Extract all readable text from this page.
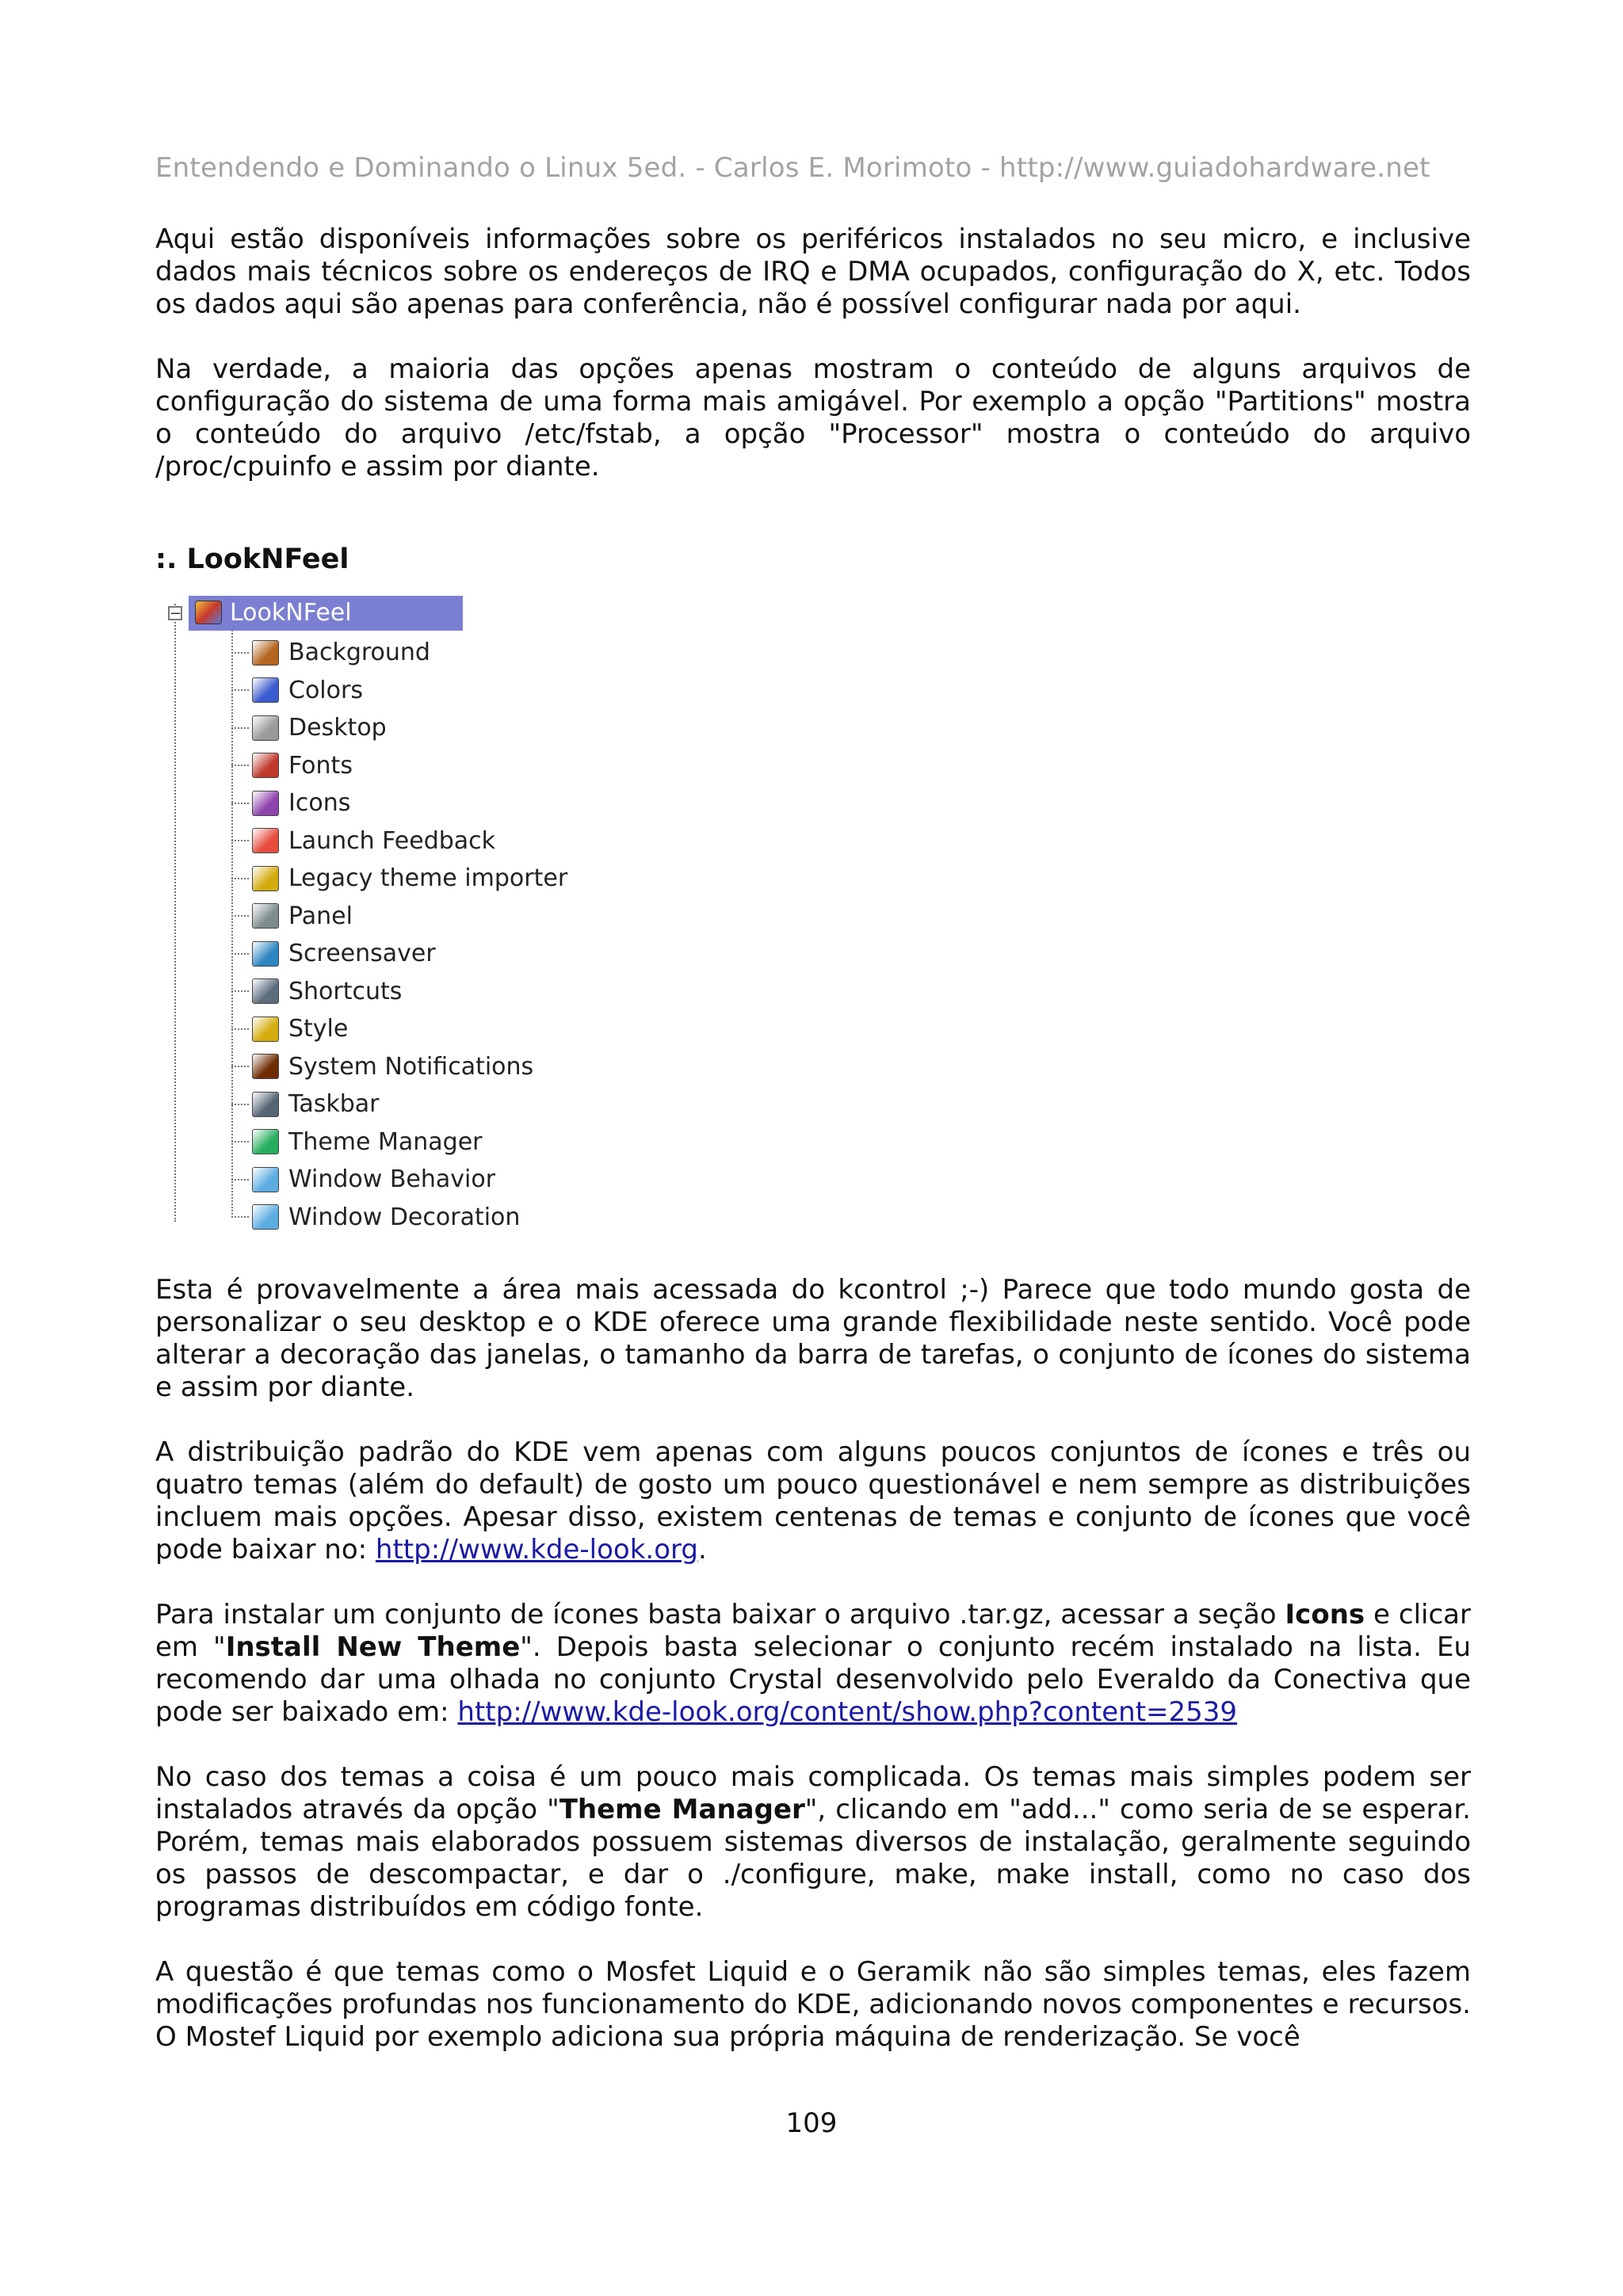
Entendendo e Dominando o Linux 5ed. - Carlos E. Morimoto - http://www.guiadohardware.net

Aqui estão disponíveis informações sobre os periféricos instalados no seu micro, e inclusive dados mais técnicos sobre os endereços de IRQ e DMA ocupados, configuração do X, etc. Todos os dados aqui são apenas para conferência, não é possível configurar nada por aqui.

Na verdade, a maioria das opções apenas mostram o conteúdo de alguns arquivos de configuração do sistema de uma forma mais amigável. Por exemplo a opção "Partitions" mostra o conteúdo do arquivo /etc/fstab, a opção "Processor" mostra o conteúdo do arquivo /proc/cpuinfo e assim por diante.

:. LookNFeel
−	LookNFeel
Background
Colors
Desktop
Fonts
Icons
Launch Feedback
Legacy theme importer
Panel
Screensaver
Shortcuts
Style
System Notifications
Taskbar
Theme Manager
Window Behavior
Window Decoration

Esta é provavelmente a área mais acessada do kcontrol ;-) Parece que todo mundo gosta de personalizar o seu desktop e o KDE oferece uma grande flexibilidade neste sentido. Você pode alterar a decoração das janelas, o tamanho da barra de tarefas, o conjunto de ícones do sistema e assim por diante.

A distribuição padrão do KDE vem apenas com alguns poucos conjuntos de ícones e três ou quatro temas (além do default) de gosto um pouco questionável e nem sempre as distribuições incluem mais opções. Apesar disso, existem centenas de temas e conjunto de ícones que você pode baixar no: http://www.kde-look.org.

Para instalar um conjunto de ícones basta baixar o arquivo .tar.gz, acessar a seção Icons e clicar em "Install New Theme". Depois basta selecionar o conjunto recém instalado na lista. Eu recomendo dar uma olhada no conjunto Crystal desenvolvido pelo Everaldo da Conectiva que pode ser baixado em: http://www.kde-look.org/content/show.php?content=2539

No caso dos temas a coisa é um pouco mais complicada. Os temas mais simples podem ser instalados através da opção "Theme Manager", clicando em "add..." como seria de se esperar. Porém, temas mais elaborados possuem sistemas diversos de instalação, geralmente seguindo os passos de descompactar, e dar o ./configure, make, make install, como no caso dos programas distribuídos em código fonte.

A questão é que temas como o Mosfet Liquid e o Geramik não são simples temas, eles fazem modificações profundas nos funcionamento do KDE, adicionando novos componentes e recursos. O Mostef Liquid por exemplo adiciona sua própria máquina de renderização. Se você

109
